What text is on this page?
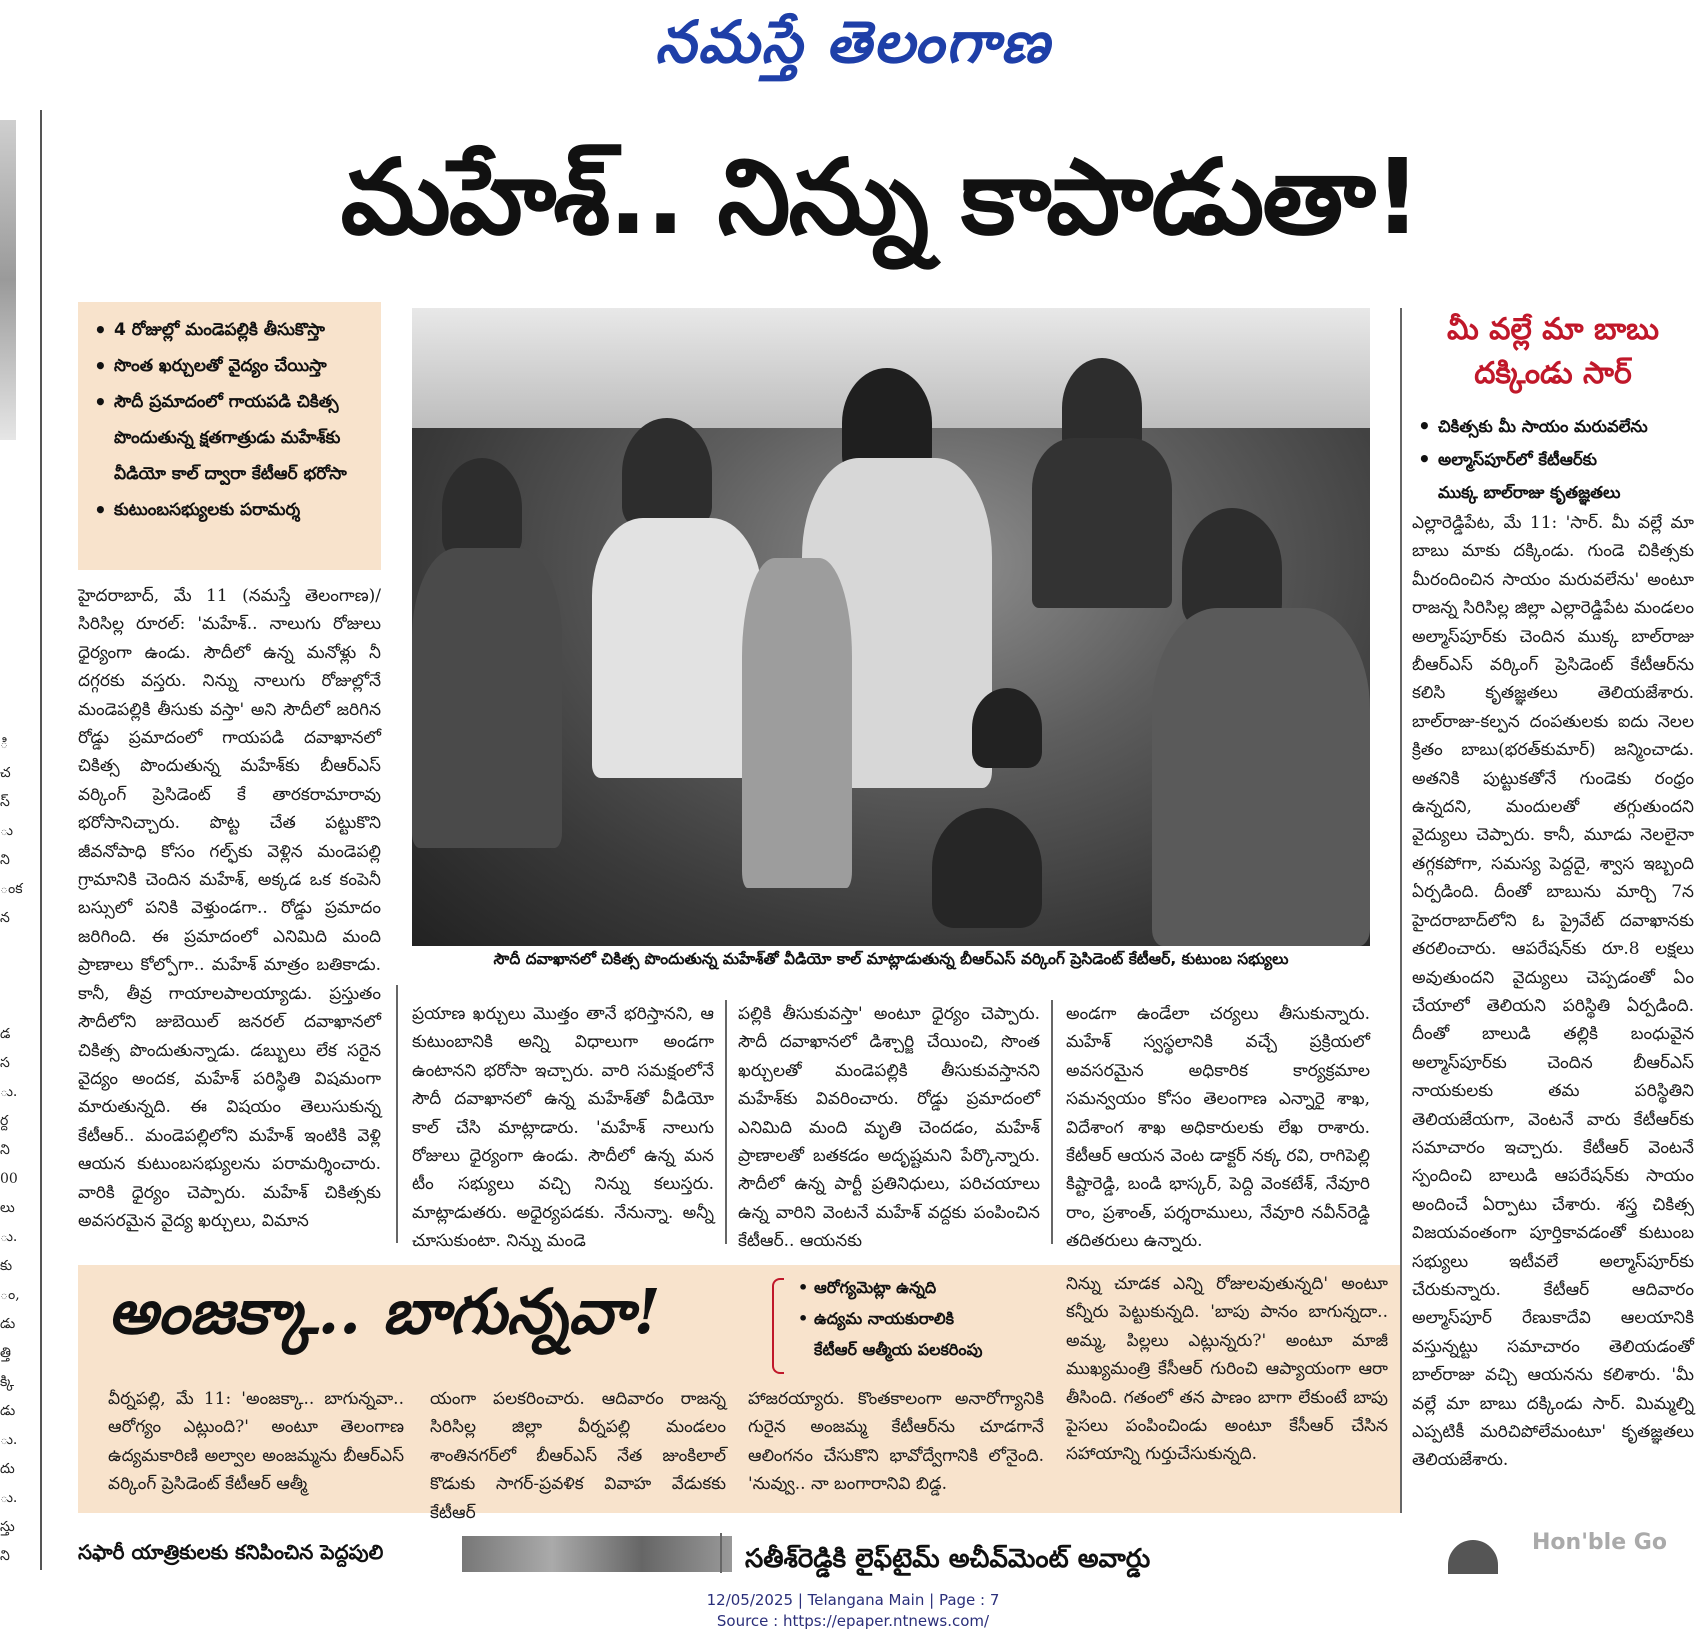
నమస్తే తెలంగాణ
ి
చ
స్
ు
ని
ంక
న

డ
స
ు.
ర్ద
ని
00
లు
ు.
కు
ం,
డు
త్తి
క్కి
డు
ు.
దు
ు.
స్తు
ని
మహేశ్.. నిన్ను కాపాడుతా!
• 4 రోజుల్లో మండెపల్లికి తీసుకొస్తా
• సొంత ఖర్చులతో వైద్యం చేయిస్తా
• సౌదీ ప్రమాదంలో గాయపడి చికిత్స పొందుతున్న క్షతగాత్రుడు మహేశ్‌కు వీడియో కాల్ ద్వారా కేటీఆర్ భరోసా
• కుటుంబసభ్యులకు పరామర్శ

హైదరాబాద్, మే 11 (నమస్తే తెలంగాణ)/సిరిసిల్ల రూరల్: 'మహేశ్.. నాలుగు రోజులు ధైర్యంగా ఉండు. సౌదీలో ఉన్న మనోళ్లు నీ దగ్గరకు వస్తరు. నిన్ను నాలుగు రోజుల్లోనే మండెపల్లికి తీసుకు వస్తా' అని సౌదీలో జరిగిన రోడ్డు ప్రమాదంలో గాయపడి దవాఖానలో చికిత్స పొందుతున్న మహేశ్‌కు బీఆర్‌ఎస్ వర్కింగ్ ప్రెసిడెంట్ కే తారకరామారావు భరోసానిచ్చారు. పొట్ట చేత పట్టుకొని జీవనోపాధి కోసం గల్ఫ్‌కు వెళ్లిన మండెపల్లి గ్రామానికి చెందిన మహేశ్, అక్కడ ఒక కంపెనీ బస్సులో పనికి వెళ్తుండగా.. రోడ్డు ప్రమాదం జరిగింది. ఈ ప్రమాదంలో ఎనిమిది మంది ప్రాణాలు కోల్పోగా.. మహేశ్ మాత్రం బతికాడు. కానీ, తీవ్ర గాయాలపాలయ్యాడు. ప్రస్తుతం సౌదీలోని జుబెయిల్ జనరల్ దవాఖానలో చికిత్స పొందుతున్నాడు. డబ్బులు లేక సరైన వైద్యం అందక, మహేశ్ పరిస్థితి విషమంగా మారుతున్నది. ఈ విషయం తెలుసుకున్న కేటీఆర్.. మండెపల్లిలోని మహేశ్ ఇంటికి వెళ్లి ఆయన కుటుంబసభ్యులను పరామర్శించారు. వారికి ధైర్యం చెప్పారు. మహేశ్ చికిత్సకు అవసరమైన వైద్య ఖర్చులు, విమాన

సౌదీ దవాఖానలో చికిత్స పొందుతున్న మహేశ్‌తో వీడియో కాల్ మాట్లాడుతున్న బీఆర్‌ఎస్ వర్కింగ్ ప్రెసిడెంట్ కేటీఆర్, కుటుంబ సభ్యులు

ప్రయాణ ఖర్చులు మొత్తం తానే భరిస్తానని, ఆ కుటుంబానికి అన్ని విధాలుగా అండగా ఉంటానని భరోసా ఇచ్చారు. వారి సమక్షంలోనే సౌదీ దవాఖానలో ఉన్న మహేశ్‌తో వీడియో కాల్ చేసి మాట్లాడారు. 'మహేశ్ నాలుగు రోజులు ధైర్యంగా ఉండు. సౌదీలో ఉన్న మన టీం సభ్యులు వచ్చి నిన్ను కలుస్తరు. మాట్లాడుతరు. అధైర్యపడకు. నేనున్నా. అన్నీ చూసుకుంటా. నిన్ను మండె

పల్లికి తీసుకువస్తా' అంటూ ధైర్యం చెప్పారు. సౌదీ దవాఖానలో డిశ్చార్జి చేయించి, సొంత ఖర్చులతో మండెపల్లికి తీసుకువస్తానని మహేశ్‌కు వివరించారు. రోడ్డు ప్రమాదంలో ఎనిమిది మంది మృతి చెందడం, మహేశ్ ప్రాణాలతో బతకడం అదృష్టమని పేర్కొన్నారు. సౌదీలో ఉన్న పార్టీ ప్రతినిధులు, పరిచయాలు ఉన్న వారిని వెంటనే మహేశ్ వద్దకు పంపించిన కేటీఆర్.. ఆయనకు

అండగా ఉండేలా చర్యలు తీసుకున్నారు. మహేశ్ స్వస్థలానికి వచ్చే ప్రక్రియలో అవసరమైన అధికారిక కార్యక్రమాల సమన్వయం కోసం తెలంగాణ ఎన్నారై శాఖ, విదేశాంగ శాఖ అధికారులకు లేఖ రాశారు. కేటీఆర్ ఆయన వెంట డాక్టర్ నక్క రవి, రాగిపెల్లి కిష్టారెడ్డి, బండి భాస్కర్, పెద్ది వెంకటేశ్, నేవూరి రాం, ప్రశాంత్, పర్శరాములు, నేవూరి నవీన్‌రెడ్డి తదితరులు ఉన్నారు.

మీ వల్లే మా బాబు
దక్కిండు సార్
• చికిత్సకు మీ సాయం మరువలేను
• అల్మాస్‌పూర్‌లో కేటీఆర్‌కు
ముక్క బాల్‌రాజు కృతజ్ఞతలు

ఎల్లారెడ్డిపేట, మే 11: 'సార్. మీ వల్లే మా బాబు మాకు దక్కిండు. గుండె చికిత్సకు మీరందించిన సాయం మరువలేను' అంటూ రాజన్న సిరిసిల్ల జిల్లా ఎల్లారెడ్డిపేట మండలం అల్మాస్‌పూర్‌కు చెందిన ముక్క బాల్‌రాజు బీఆర్‌ఎస్ వర్కింగ్ ప్రెసిడెంట్ కేటీఆర్‌ను కలిసి కృతజ్ఞతలు తెలియజేశారు. బాల్‌రాజు-కల్పన దంపతులకు ఐదు నెలల క్రితం బాబు(భరత్‌కుమార్) జన్మించాడు. అతనికి పుట్టుకతోనే గుండెకు రంధ్రం ఉన్నదని, మందులతో తగ్గుతుందని వైద్యులు చెప్పారు. కానీ, మూడు నెలలైనా తగ్గకపోగా, సమస్య పెద్దదై, శ్వాస ఇబ్బంది ఏర్పడింది. దీంతో బాబును మార్చి 7న హైదరాబాద్‌లోని ఓ ప్రైవేట్ దవాఖానకు తరలించారు. ఆపరేషన్‌కు రూ.8 లక్షలు అవుతుందని వైద్యులు చెప్పడంతో ఏం చేయాలో తెలియని పరిస్థితి ఏర్పడింది. దీంతో బాలుడి తల్లికి బంధువైన అల్మాస్‌పూర్‌కు చెందిన బీఆర్‌ఎస్ నాయకులకు తమ పరిస్థితిని తెలియజేయగా, వెంటనే వారు కేటీఆర్‌కు సమాచారం ఇచ్చారు. కేటీఆర్ వెంటనే స్పందించి బాలుడి ఆపరేషన్‌కు సాయం అందించే ఏర్పాటు చేశారు. శస్త్ర చికిత్స విజయవంతంగా పూర్తికావడంతో కుటుంబ సభ్యులు ఇటీవలే అల్మాస్‌పూర్‌కు చేరుకున్నారు. కేటీఆర్ ఆదివారం అల్మాస్‌పూర్ రేణుకాదేవి ఆలయానికి వస్తున్నట్టు సమాచారం తెలియడంతో బాల్‌రాజు వచ్చి ఆయనను కలిశారు. 'మీ వల్లే మా బాబు దక్కిండు సార్. మిమ్మల్ని ఎప్పటికీ మరిచిపోలేమంటూ' కృతజ్ఞతలు తెలియజేశారు.

అంజక్కా.. బాగున్నవా!
•	ఆరోగ్యమెట్లా ఉన్నది
• ఉద్యమ నాయకురాలికి
కేటీఆర్ ఆత్మీయ పలకరింపు

నిన్ను చూడక ఎన్ని రోజులవుతున్నది' అంటూ కన్నీరు పెట్టుకున్నది. 'బాపు పానం బాగున్నదా.. అమ్మ, పిల్లలు ఎట్లున్నరు?' అంటూ మాజీ ముఖ్యమంత్రి కేసీఆర్ గురించి ఆప్యాయంగా ఆరా తీసింది. గతంలో తన పాణం బాగా లేకుంటే బాపు పైసలు పంపించిండు అంటూ కేసీఆర్ చేసిన సహాయాన్ని గుర్తుచేసుకున్నది.

వీర్నపల్లి, మే 11: 'అంజక్కా.. బాగున్నవా.. ఆరోగ్యం ఎట్లుంది?' అంటూ తెలంగాణ ఉద్యమకారిణి అల్వాల అంజమ్మను బీఆర్‌ఎస్ వర్కింగ్ ప్రెసిడెంట్ కేటీఆర్ ఆత్మీ

యంగా పలకరించారు. ఆదివారం రాజన్న సిరిసిల్ల జిల్లా వీర్నపల్లి మండలం శాంతినగర్‌లో బీఆర్‌ఎస్ నేత జుంకిలాల్ కొడుకు సాగర్-ప్రవళిక వివాహ వేడుకకు కేటీఆర్

హాజరయ్యారు. కొంతకాలంగా అనారోగ్యానికి గురైన అంజమ్మ కేటీఆర్‌ను చూడగానే ఆలింగనం చేసుకొని భావోద్వేగానికి లోనైంది. 'నువ్వు.. నా బంగారానివి బిడ్డ.

సఫారీ యాత్రికులకు కనిపించిన పెద్దపులి	సతీశ్‌రెడ్డికి లైఫ్‌టైమ్ అచీవ్‌మెంట్ అవార్డు
Hon'ble Go
12/05/2025 | Telangana Main | Page : 7
Source : https://epaper.ntnews.com/
